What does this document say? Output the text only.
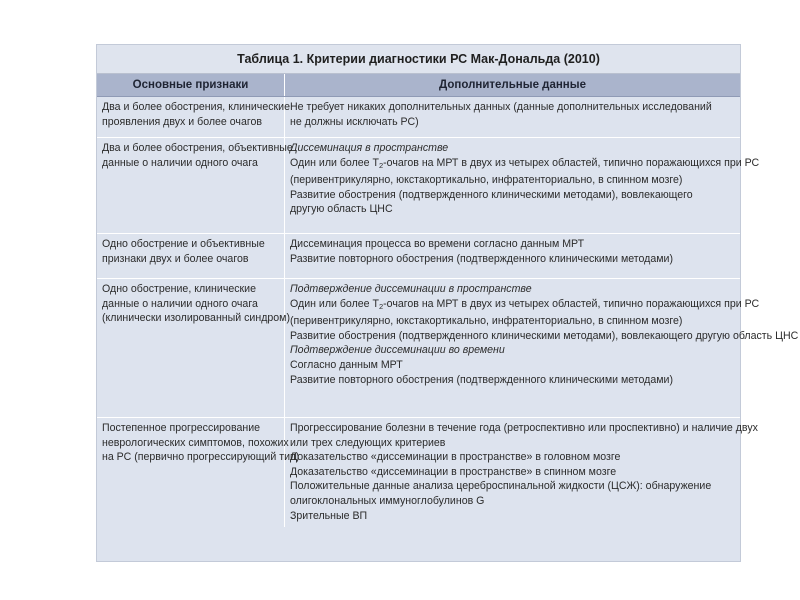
Таблица 1. Критерии диагностики РС Мак-Дональда (2010)
Основные признаки	Дополнительные данные
Два и более обострения, клинические
проявления двух и более очагов
Не требует никаких дополнительных данных (данные дополнительных исследований
не должны исключать РС)
Два и более обострения, объективные
данные о наличии одного очага
Диссеминация в пространстве
Один или более $T_2$-очагов на МРТ в двух из четырех областей, типично поражающихся при РС
(перивентрикулярно, юкстакортикально, инфратенториально, в спинном мозге)
Развитие обострения (подтвержденного клиническими методами), вовлекающего
другую область ЦНС
Одно обострение и объективные
признаки двух и более очагов
Диссеминация процесса во времени согласно данным МРТ
Развитие повторного обострения (подтвержденного клиническими методами)
Одно обострение, клинические
данные о наличии одного очага
(клинически изолированный синдром)
Подтверждение диссеминации в пространстве
Один или более $T_2$-очагов на МРТ в двух из четырех областей, типично поражающихся при РС
(перивентрикулярно, юкстакортикально, инфратенториально, в спинном мозге)
Развитие обострения (подтвержденного клиническими методами), вовлекающего другую область ЦНС
Подтверждение диссеминации во времени
Согласно данным МРТ
Развитие повторного обострения (подтвержденного клиническими методами)
Постепенное прогрессирование
неврологических симптомов, похожих
на РС (первично прогрессирующий тип)
Прогрессирование болезни в течение года (ретроспективно или проспективно) и наличие двух
или трех следующих критериев
Доказательство «диссеминации в пространстве» в головном мозге
Доказательство «диссеминации в пространстве» в спинном мозге
Положительные данные анализа цереброспинальной жидкости (ЦСЖ): обнаружение
олигоклональных иммуноглобулинов G
Зрительные ВП
